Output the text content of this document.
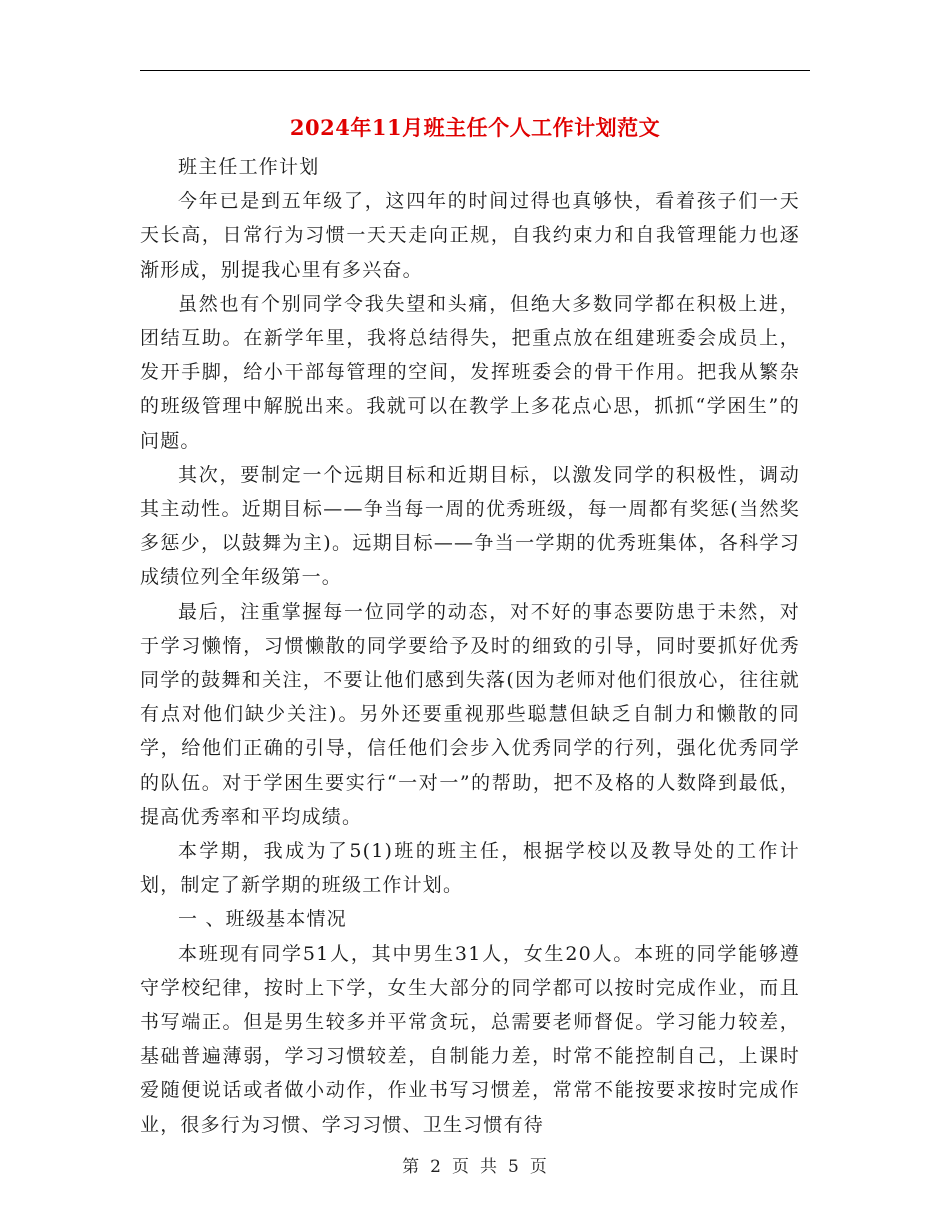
2024年11月班主任个人工作计划范文

班主任工作计划

今年已是到五年级了，这四年的时间过得也真够快，看着孩子们一天天长高，日常行为习惯一天天走向正规，自我约束力和自我管理能力也逐渐形成，别提我心里有多兴奋。

虽然也有个别同学令我失望和头痛，但绝大多数同学都在积极上进，团结互助。在新学年里，我将总结得失，把重点放在组建班委会成员上，发开手脚，给小干部每管理的空间，发挥班委会的骨干作用。把我从繁杂的班级管理中解脱出来。我就可以在教学上多花点心思，抓抓“学困生”的问题。

其次，要制定一个远期目标和近期目标，以激发同学的积极性，调动其主动性。近期目标——争当每一周的优秀班级，每一周都有奖惩(当然奖多惩少，以鼓舞为主)。远期目标——争当一学期的优秀班集体，各科学习成绩位列全年级第一。

最后，注重掌握每一位同学的动态，对不好的事态要防患于未然，对于学习懒惰，习惯懒散的同学要给予及时的细致的引导，同时要抓好优秀同学的鼓舞和关注，不要让他们感到失落(因为老师对他们很放心，往往就有点对他们缺少关注)。另外还要重视那些聪慧但缺乏自制力和懒散的同学，给他们正确的引导，信任他们会步入优秀同学的行列，强化优秀同学的队伍。对于学困生要实行“一对一”的帮助，把不及格的人数降到最低，提高优秀率和平均成绩。

本学期，我成为了5(1)班的班主任，根据学校以及教导处的工作计划，制定了新学期的班级工作计划。

一 、班级基本情况

本班现有同学51人，其中男生31人，女生20人。本班的同学能够遵守学校纪律，按时上下学，女生大部分的同学都可以按时完成作业，而且书写端正。但是男生较多并平常贪玩，总需要老师督促。学习能力较差，基础普遍薄弱，学习习惯较差，自制能力差，时常不能控制自己，上课时爱随便说话或者做小动作，作业书写习惯差，常常不能按要求按时完成作业，很多行为习惯、学习习惯、卫生习惯有待

第 2 页 共 5 页
